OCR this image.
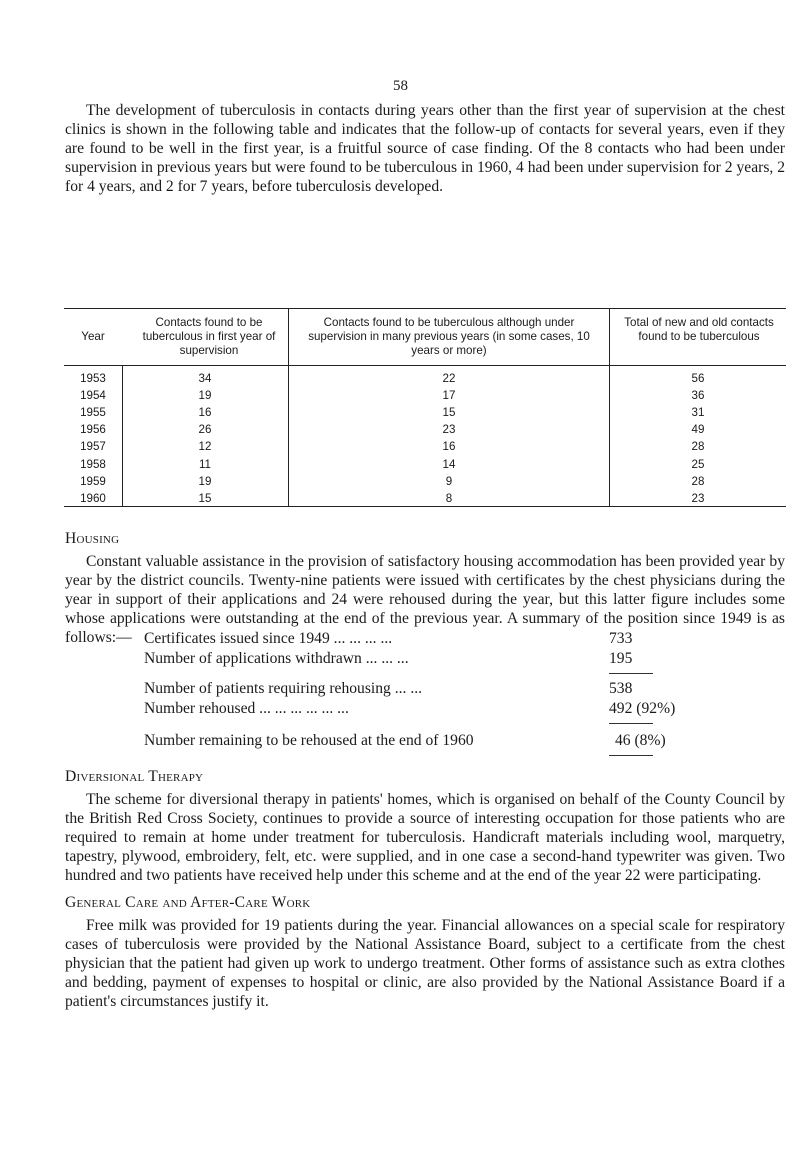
58

The development of tuberculosis in contacts during years other than the first year of supervision at the chest clinics is shown in the following table and indicates that the follow-up of contacts for several years, even if they are found to be well in the first year, is a fruitful source of case finding. Of the 8 contacts who had been under supervision in previous years but were found to be tuberculous in 1960, 4 had been under supervision for 2 years, 2 for 4 years, and 2 for 7 years, before tuberculosis developed.

Year
Contacts found to be tuberculous in first year of supervision
Contacts found to be tuberculous although under supervision in many previous years (in some cases, 10 years or more)
Total of new and old contacts found to be tuberculous
1953	34	22	56
1954	19	17	36
1955	16	15	31
1956	26	23	49
1957	12	16	28
1958	11	14	25
1959	19	9	28
1960	15	8	23
Housing

Constant valuable assistance in the provision of satisfactory housing accommodation has been provided year by year by the district councils. Twenty-nine patients were issued with certificates by the chest physicians during the year in support of their applications and 24 were rehoused during the year, but this latter figure includes some whose applications were outstanding at the end of the previous year. A summary of the position since 1949 is as follows:— Certificates issued since 1949 ... ... ... ...	733
Number of applications withdrawn ... ... ...	195
Number of patients requiring rehousing ... ...	538
Number rehoused ... ... ... ... ... ...	492 (92%)
Number remaining to be rehoused at the end of 1960	46 (8%)
Diversional Therapy

The scheme for diversional therapy in patients' homes, which is organised on behalf of the County Council by the British Red Cross Society, continues to provide a source of interesting occupation for those patients who are required to remain at home under treatment for tuberculosis. Handicraft materials including wool, marquetry, tapestry, plywood, embroidery, felt, etc. were supplied, and in one case a second-hand typewriter was given. Two hundred and two patients have received help under this scheme and at the end of the year 22 were participating.

General Care and After-Care Work

Free milk was provided for 19 patients during the year. Financial allowances on a special scale for respiratory cases of tuberculosis were provided by the National Assistance Board, subject to a certificate from the chest physician that the patient had given up work to undergo treatment. Other forms of assistance such as extra clothes and bedding, payment of expenses to hospital or clinic, are also provided by the National Assistance Board if a patient's circumstances justify it.
